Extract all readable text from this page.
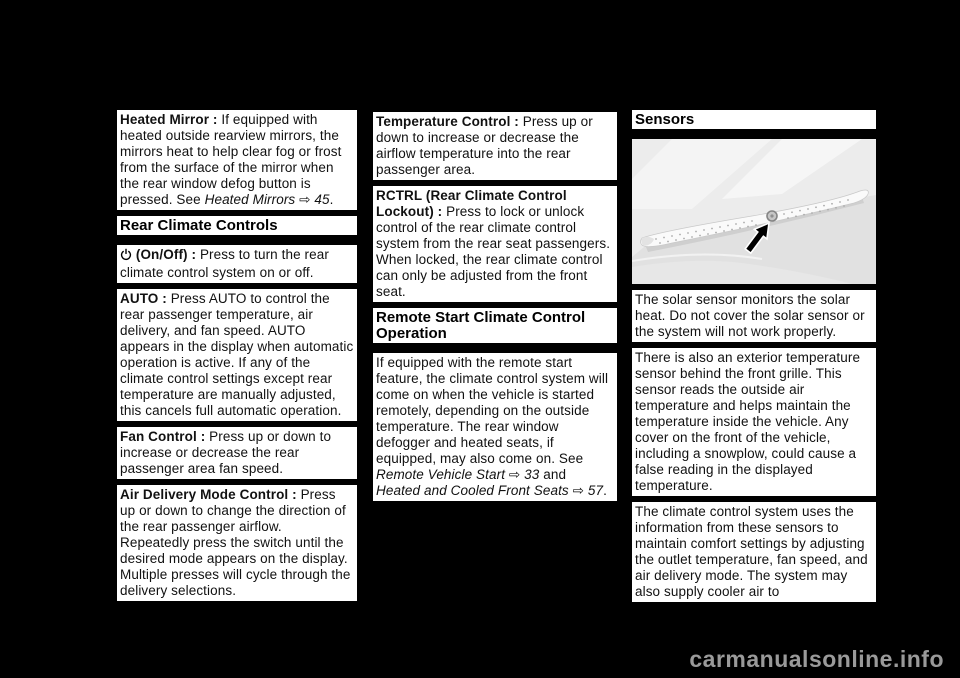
Heated Mirror : If equipped with heated outside rearview mirrors, the mirrors heat to help clear fog or frost from the surface of the mirror when the rear window defog button is pressed. See Heated Mirrors ⇨ 45.
Rear Climate Controls
(On/Off) : Press to turn the rear climate control system on or off.
AUTO : Press AUTO to control the rear passenger temperature, air delivery, and fan speed. AUTO appears in the display when automatic operation is active. If any of the climate control settings except rear temperature are manually adjusted, this cancels full automatic operation.
Fan Control : Press up or down to increase or decrease the rear passenger area fan speed.
Air Delivery Mode Control : Press up or down to change the direction of the rear passenger airflow. Repeatedly press the switch until the desired mode appears on the display. Multiple presses will cycle through the delivery selections.
Temperature Control : Press up or down to increase or decrease the airflow temperature into the rear passenger area.
RCTRL (Rear Climate Control Lockout) : Press to lock or unlock control of the rear climate control system from the rear seat passengers. When locked, the rear climate control can only be adjusted from the front seat.
Remote Start Climate Control Operation
If equipped with the remote start feature, the climate control system will come on when the vehicle is started remotely, depending on the outside temperature. The rear window defogger and heated seats, if equipped, may also come on. See Remote Vehicle Start ⇨ 33 and Heated and Cooled Front Seats ⇨ 57.
Sensors
The solar sensor monitors the solar heat. Do not cover the solar sensor or the system will not work properly.
There is also an exterior temperature sensor behind the front grille. This sensor reads the outside air temperature and helps maintain the temperature inside the vehicle. Any cover on the front of the vehicle, including a snowplow, could cause a false reading in the displayed temperature.
The climate control system uses the information from these sensors to maintain comfort settings by adjusting the outlet temperature, fan speed, and air delivery mode. The system may also supply cooler air to
carmanualsonline.info
